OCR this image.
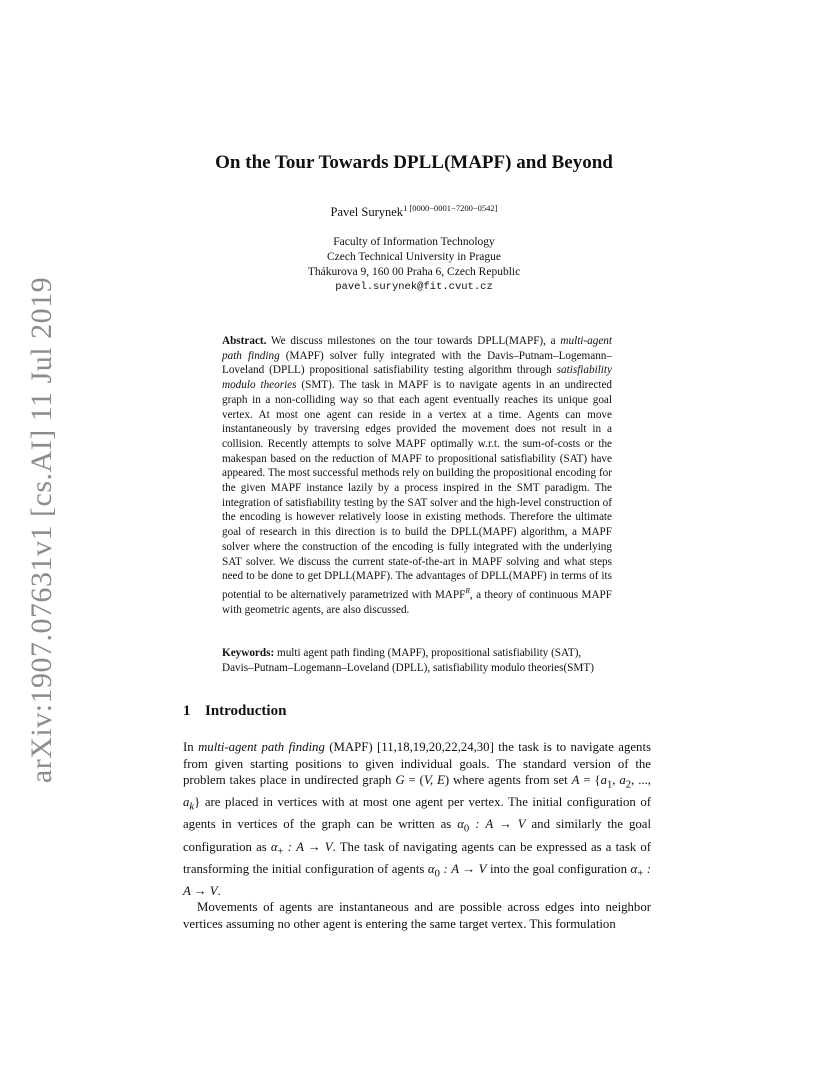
arXiv:1907.07631v1 [cs.AI] 11 Jul 2019
On the Tour Towards DPLL(MAPF) and Beyond
Pavel Surynek$^{1 [0000-0001-7200-0542]}$
Faculty of Information Technology
Czech Technical University in Prague
Thákurova 9, 160 00 Praha 6, Czech Republic
pavel.surynek@fit.cvut.cz
Abstract. We discuss milestones on the tour towards DPLL(MAPF), a multi-agent path finding (MAPF) solver fully integrated with the Davis–Putnam–Logemann–Loveland (DPLL) propositional satisfiability testing algorithm through satisfiability modulo theories (SMT). The task in MAPF is to navigate agents in an undirected graph in a non-colliding way so that each agent eventually reaches its unique goal vertex. At most one agent can reside in a vertex at a time. Agents can move instantaneously by traversing edges provided the movement does not result in a collision. Recently attempts to solve MAPF optimally w.r.t. the sum-of-costs or the makespan based on the reduction of MAPF to propositional satisfiability (SAT) have appeared. The most successful methods rely on building the propositional encoding for the given MAPF instance lazily by a process inspired in the SMT paradigm. The integration of satisfiability testing by the SAT solver and the high-level construction of the encoding is however relatively loose in existing methods. Therefore the ultimate goal of research in this direction is to build the DPLL(MAPF) algorithm, a MAPF solver where the construction of the encoding is fully integrated with the underlying SAT solver. We discuss the current state-of-the-art in MAPF solving and what steps need to be done to get DPLL(MAPF). The advantages of DPLL(MAPF) in terms of its potential to be alternatively parametrized with $MAPF^R$, a theory of continuous MAPF with geometric agents, are also discussed.
Keywords: multi agent path finding (MAPF), propositional satisfiability (SAT),
Davis–Putnam–Logemann–Loveland (DPLL), satisfiability modulo theories(SMT)
1 Introduction

In multi-agent path finding (MAPF) [11,18,19,20,22,24,30] the task is to navigate agents from given starting positions to given individual goals. The standard version of the problem takes place in undirected graph G = (V, E) where agents from set $A = \{a_1$, $a_2$, ..., $a_k$} are placed in vertices with at most one agent per vertex. The initial configuration of agents in vertices of the graph can be written as $\alpha_0$ : A → V and similarly the goal configuration as $\alpha_+$ : A → V. The task of navigating agents can be expressed as a task of transforming the initial configuration of agents $\alpha_0$ : A → V into the goal configuration $\alpha_+$ : A → V.

Movements of agents are instantaneous and are possible across edges into neighbor vertices assuming no other agent is entering the same target vertex. This formulation
